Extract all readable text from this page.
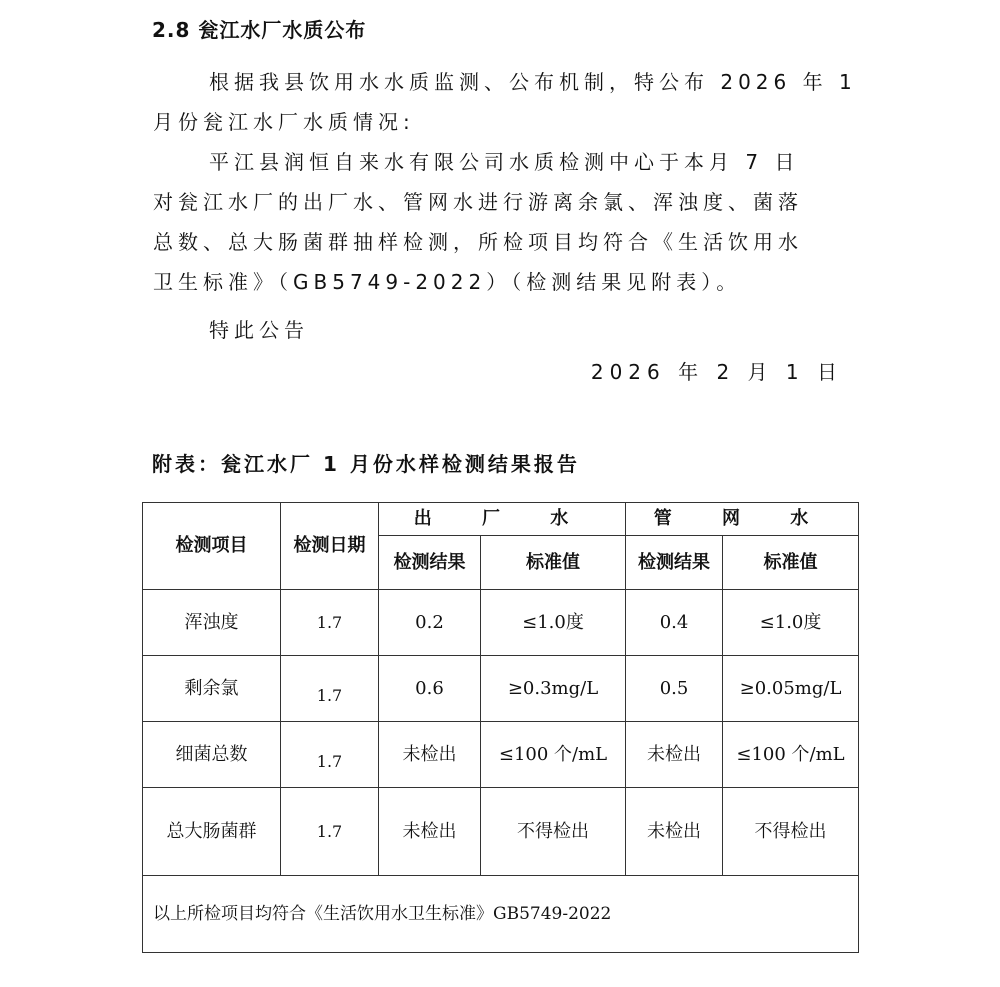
2.8 瓮江水厂水质公布
根据我县饮用水水质监测、公布机制，特公布 2026 年 1
月份瓮江水厂水质情况:
平江县润恒自来水有限公司水质检测中心于本月 7 日
对瓮江水厂的出厂水、管网水进行游离余氯、浑浊度、菌落
总数、总大肠菌群抽样检测，所检项目均符合《生活饮用水
卫生标准》（GB5749-2022）（检测结果见附表）。
特此公告
2026 年 2 月 1 日
附表：瓮江水厂 1 月份水样检测结果报告
检测项目	检测日期	出 厂 水		管 网 水	
		检测结果	标准值	检测结果	标准值
浑浊度	1.7	0.2	≤1.0度	0.4	≤1.0度
剩余氯	1.7	0.6	≥0.3mg/L	0.5	≥0.05mg/L
细菌总数	1.7	未检出	≤100 个/mL	未检出	≤100 个/mL
总大肠菌群	1.7	未检出	不得检出	未检出	不得检出
以上所检项目均符合《生活饮用水卫生标准》GB5749-2022					
